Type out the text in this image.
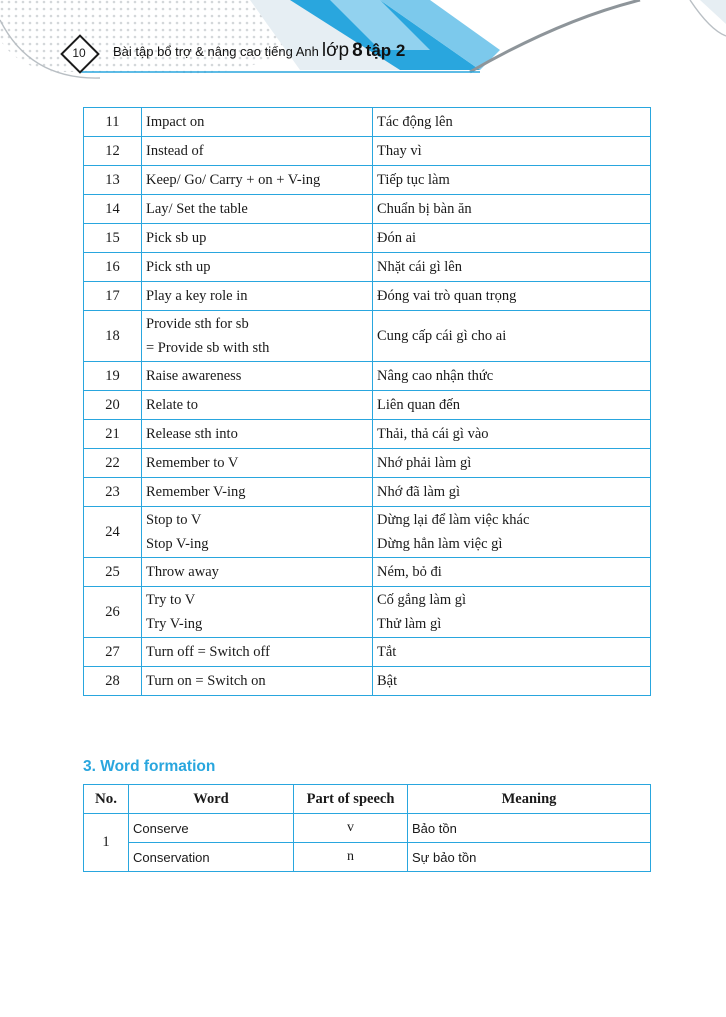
10 Bài tập bổ trợ & nâng cao tiếng Anh lớp 8 tập 2
11	Impact on	Tác động lên

12	Instead of	Thay vì

13	Keep/ Go/ Carry + on + V-ing	Tiếp tục làm

14	Lay/ Set the table	Chuẩn bị bàn ăn

15	Pick sb up	Đón ai

16	Pick sth up	Nhặt cái gì lên

17	Play a key role in	Đóng vai trò quan trọng

18	Provide sth for sb
= Provide sb with sth	Cung cấp cái gì cho ai

19	Raise awareness	Nâng cao nhận thức

20	Relate to	Liên quan đến

21	Release sth into	Thải, thả cái gì vào

22	Remember to V	Nhớ phải làm gì

23	Remember V-ing	Nhớ đã làm gì

24	Stop to V
Stop V-ing	Dừng lại để làm việc khác
Dừng hẳn làm việc gì

25	Throw away	Ném, bỏ đi

26	Try to V
Try V-ing	Cố gắng làm gì
Thử làm gì

27	Turn off = Switch off	Tắt

28	Turn on = Switch on	Bật
3. Word formation
No.	Word	Part of speech	Meaning
1	Conserve	v	Bảo tồn
	Conservation	n	Sự bảo tồn
